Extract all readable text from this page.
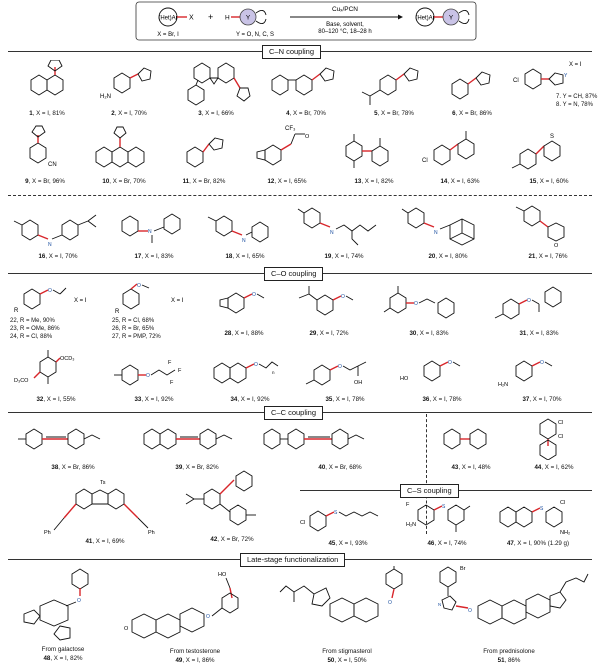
(Het)Ar X
X = Br, I
+ H Y
Y = O, N, C, S
Cuₓ/PCN
Base, solvent,
80–120 °C, 18–28 h
(Het)Ar Y
C–N coupling
1, X = I, 81%
H₂N
2, X = I, 70%	3, X = I, 66%	4, X = Br, 70%	5, X = Br, 78%	6, X = Br, 86%
X = I
Cl
Y
7. Y = CH, 87%
8. Y = N, 78%
CN
9, X = Br, 96%	10, X = Br, 70%	11, X = Br, 82%
CF₃
O
12, X = I, 65%	13, X = I, 82%
Cl
14, X = I, 63%
S
15, X = I, 60%
N
16, X = I, 70%
N
17, X = I, 83%
N
18, X = I, 65%
N
19, X = I, 74%
N
20, X = I, 80%
O
21, X = I, 76%
C–O coupling
R
O
X = I
22, R = Me, 90%
23, R = OMe, 86%
24, R = Cl, 88%
O
R
X = I
25, R = Cl, 68%
26, R = Br, 65%
27, R = PMP, 72%
O
28, X = I, 88%
O
29, X = I, 72%
O
30, X = I, 83%
O
31, X = I, 83%
OCD₃
D₃CO
32, X = I, 55%
O
F
F
F
33, X = I, 92%
O
n
34, X = I, 92%
O
OH
35, X = I, 78%
HO
O
36, X = I, 78%
H₂N
O
37, X = I, 70%
C–C coupling
38, X = Br, 86%	39, X = Br, 82%	40, X = Br, 68%	43, X = I, 48%
Cl
Cl
44, X = I, 62%
Ts
Ph	Ph
41, X = I, 69%	42, X = Br, 72%
C–S coupling
Cl
S
45, X = I, 93%
F
H₂N
S
46, X = I, 74%
S
Cl
NH₂
47, X = I, 90% (1.29 g)
Late-stage functionalization
O
From galactose
48, X = I, 82%
HO
O
O
From testosterone
49, X = I, 86%
O
From stigmasterol
50, X = I, 50%
Br
N
O
From prednisolone
51, 86%
